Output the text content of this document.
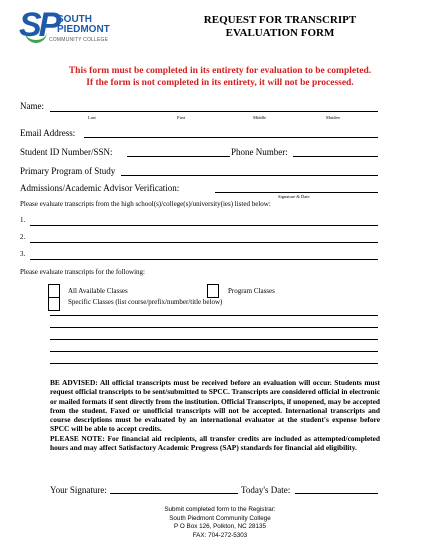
SP
SOUTH
PIEDMONT
COMMUNITY COLLEGE
REQUEST FOR TRANSCRIPT
EVALUATION FORM
This form must be completed in its entirety for evaluation to be completed.
If the form is not completed in its entirety, it will not be processed.
Name:
Last	First	Middle	Maiden
Email Address:
Student ID Number/SSN:	Phone Number:
Primary Program of Study
Admissions/Academic Advisor Verification:
Signature & Date
Please evaluate transcripts from the high school(s)/college(s)/university(ies) listed below:
1.
2.
3.
Please evaluate transcripts for the following:
All Available Classes	Program Classes
Specific Classes (list course/prefix/number/title below)
BE ADVISED: All official transcripts must be received before an evaluation will occur. Students must request official transcripts to be sent/submitted to SPCC. Transcripts are considered official in electronic or mailed formats if sent directly from the institution. Official Transcripts, if unopened, may be accepted from the student. Faxed or unofficial transcripts will not be accepted. International transcripts and course descriptions must be evaluated by an international evaluator at the student's expense before SPCC will be able to accept credits.
PLEASE NOTE: For financial aid recipients, all transfer credits are included as attempted/completed hours and may affect Satisfactory Academic Progress (SAP) standards for financial aid eligibility.
Your Signature:	Today's Date:
Submit completed form to the Registrar:
South Piedmont Community College
P O Box 126, Polkton, NC 28135
FAX: 704-272-5303
